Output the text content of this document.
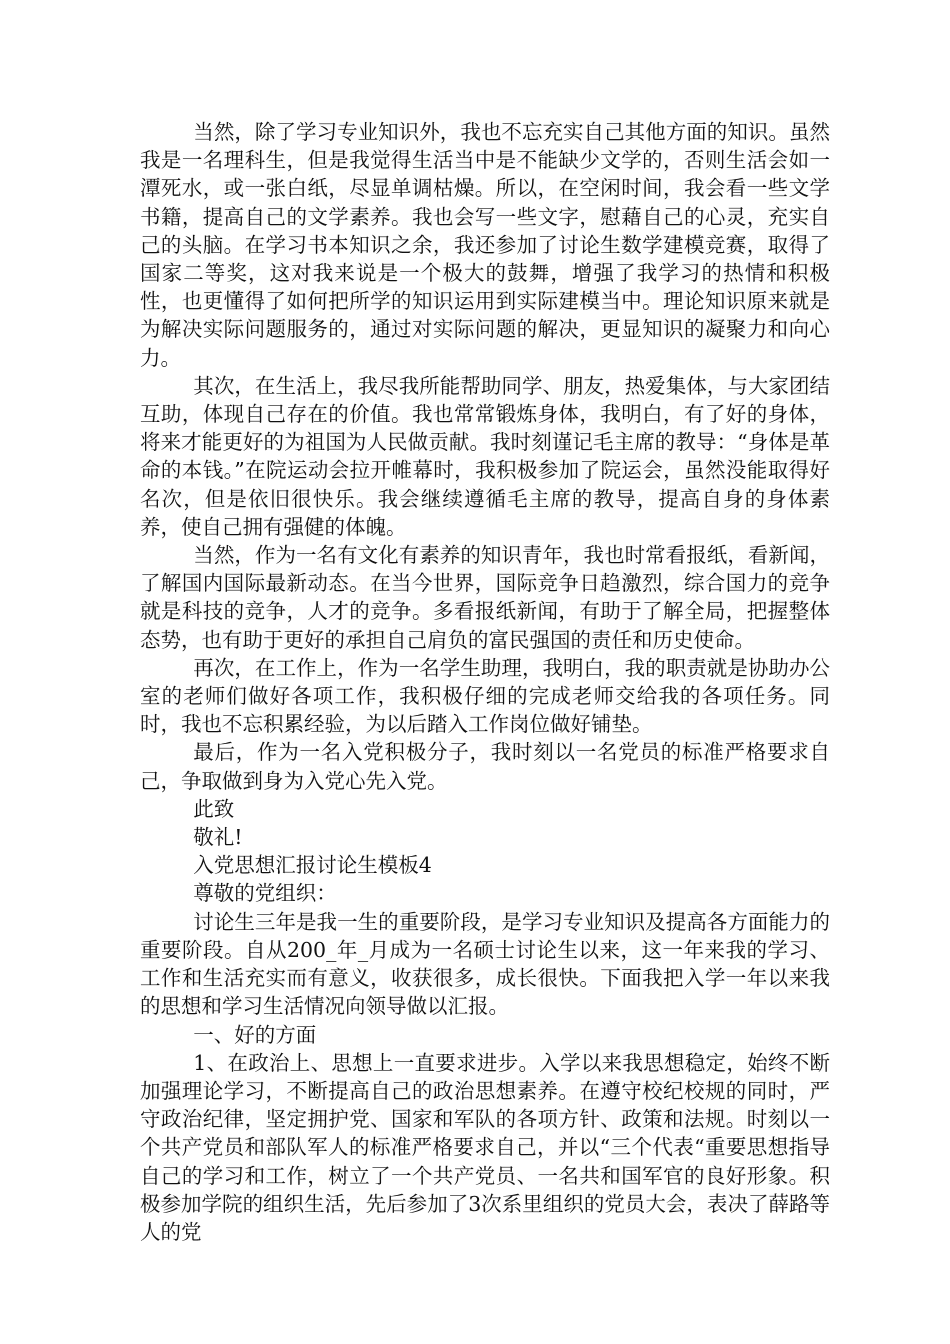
当然，除了学习专业知识外，我也不忘充实自己其他方面的知识。虽然我是一名理科生，但是我觉得生活当中是不能缺少文学的，否则生活会如一潭死水，或一张白纸，尽显单调枯燥。所以，在空闲时间，我会看一些文学书籍，提高自己的文学素养。我也会写一些文字，慰藉自己的心灵，充实自己的头脑。在学习书本知识之余，我还参加了讨论生数学建模竞赛，取得了国家二等奖，这对我来说是一个极大的鼓舞，增强了我学习的热情和积极性，也更懂得了如何把所学的知识运用到实际建模当中。理论知识原来就是为解决实际问题服务的，通过对实际问题的解决，更显知识的凝聚力和向心力。

其次，在生活上，我尽我所能帮助同学、朋友，热爱集体，与大家团结互助，体现自己存在的价值。我也常常锻炼身体，我明白，有了好的身体，将来才能更好的为祖国为人民做贡献。我时刻谨记毛主席的教导：“身体是革命的本钱。”在院运动会拉开帷幕时，我积极参加了院运会，虽然没能取得好名次，但是依旧很快乐。我会继续遵循毛主席的教导，提高自身的身体素养，使自己拥有强健的体魄。

当然，作为一名有文化有素养的知识青年，我也时常看报纸，看新闻，了解国内国际最新动态。在当今世界，国际竞争日趋激烈，综合国力的竞争就是科技的竞争，人才的竞争。多看报纸新闻，有助于了解全局，把握整体态势，也有助于更好的承担自己肩负的富民强国的责任和历史使命。

再次，在工作上，作为一名学生助理，我明白，我的职责就是协助办公室的老师们做好各项工作，我积极仔细的完成老师交给我的各项任务。同时，我也不忘积累经验，为以后踏入工作岗位做好铺垫。

最后，作为一名入党积极分子，我时刻以一名党员的标准严格要求自己，争取做到身为入党心先入党。

此致

敬礼!

入党思想汇报讨论生模板4

尊敬的党组织：

讨论生三年是我一生的重要阶段，是学习专业知识及提高各方面能力的重要阶段。自从200_年_月成为一名硕士讨论生以来，这一年来我的学习、工作和生活充实而有意义，收获很多，成长很快。下面我把入学一年以来我的思想和学习生活情况向领导做以汇报。

一、好的方面

1、在政治上、思想上一直要求进步。入学以来我思想稳定，始终不断加强理论学习，不断提高自己的政治思想素养。在遵守校纪校规的同时，严守政治纪律，坚定拥护党、国家和军队的各项方针、政策和法规。时刻以一个共产党员和部队军人的标准严格要求自己，并以“三个代表“重要思想指导自己的学习和工作，树立了一个共产党员、一名共和国军官的良好形象。积极参加学院的组织生活，先后参加了3次系里组织的党员大会，表决了薛路等人的党
